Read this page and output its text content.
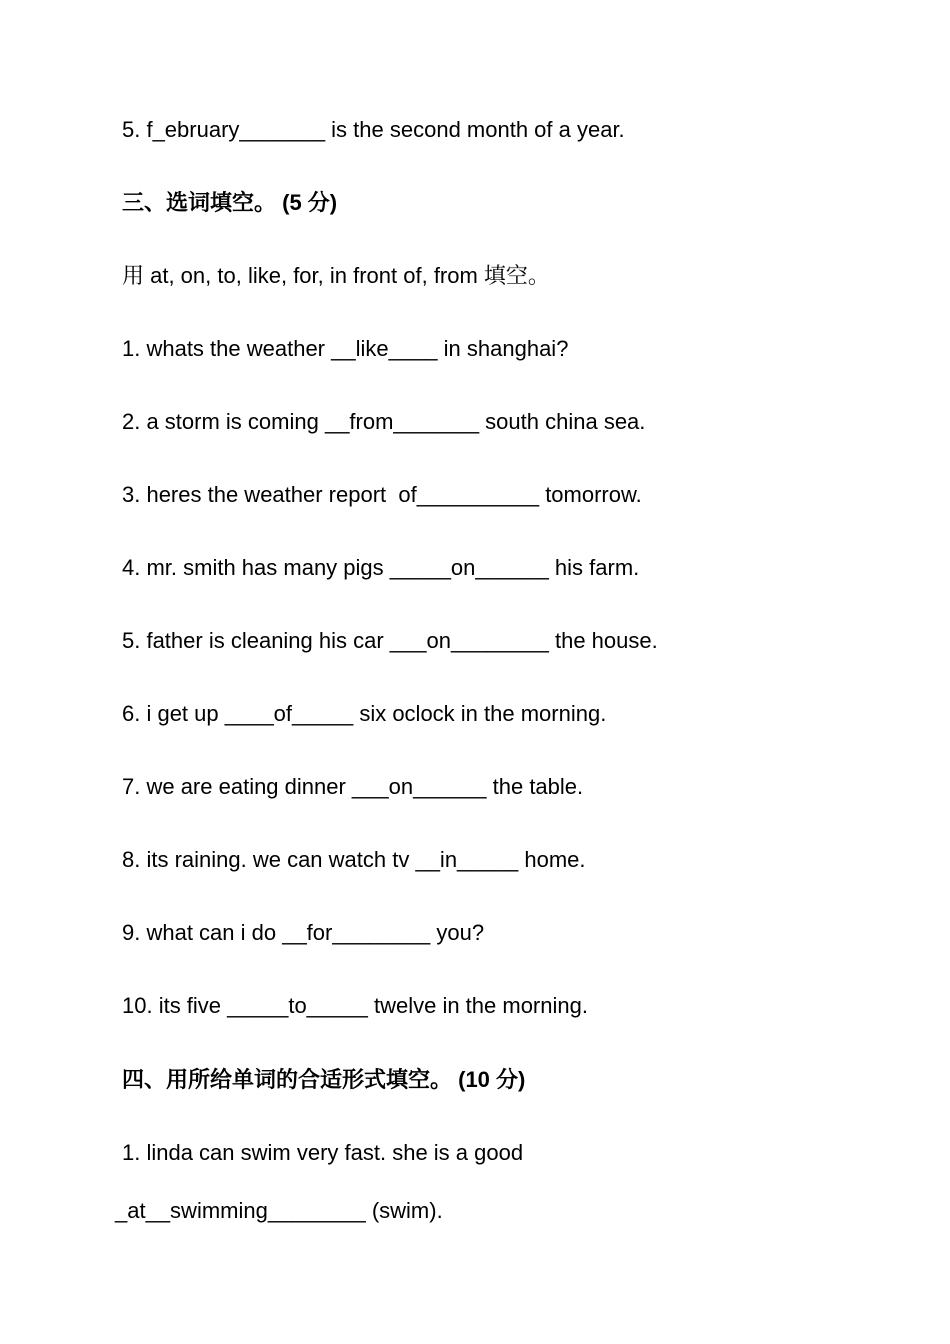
5. f_ebruary_______ is the second month of a year.
三、选词填空。 (5 分)
用 at, on, to, like, for, in front of, from 填空。
1. whats the weather __like____ in shanghai?
2. a storm is coming __from_______ south china sea.
3. heres the weather report  of__________ tomorrow.
4. mr. smith has many pigs _____on______ his farm.
5. father is cleaning his car ___on________ the house.
6. i get up ____of_____ six oclock in the morning.
7. we are eating dinner ___on______ the table.
8. its raining. we can watch tv __in_____ home.
9. what can i do __for________ you?
10. its five _____to_____ twelve in the morning.
四、用所给单词的合适形式填空。 (10 分)
1. linda can swim very fast. she is a good
_at__swimming________ (swim).
